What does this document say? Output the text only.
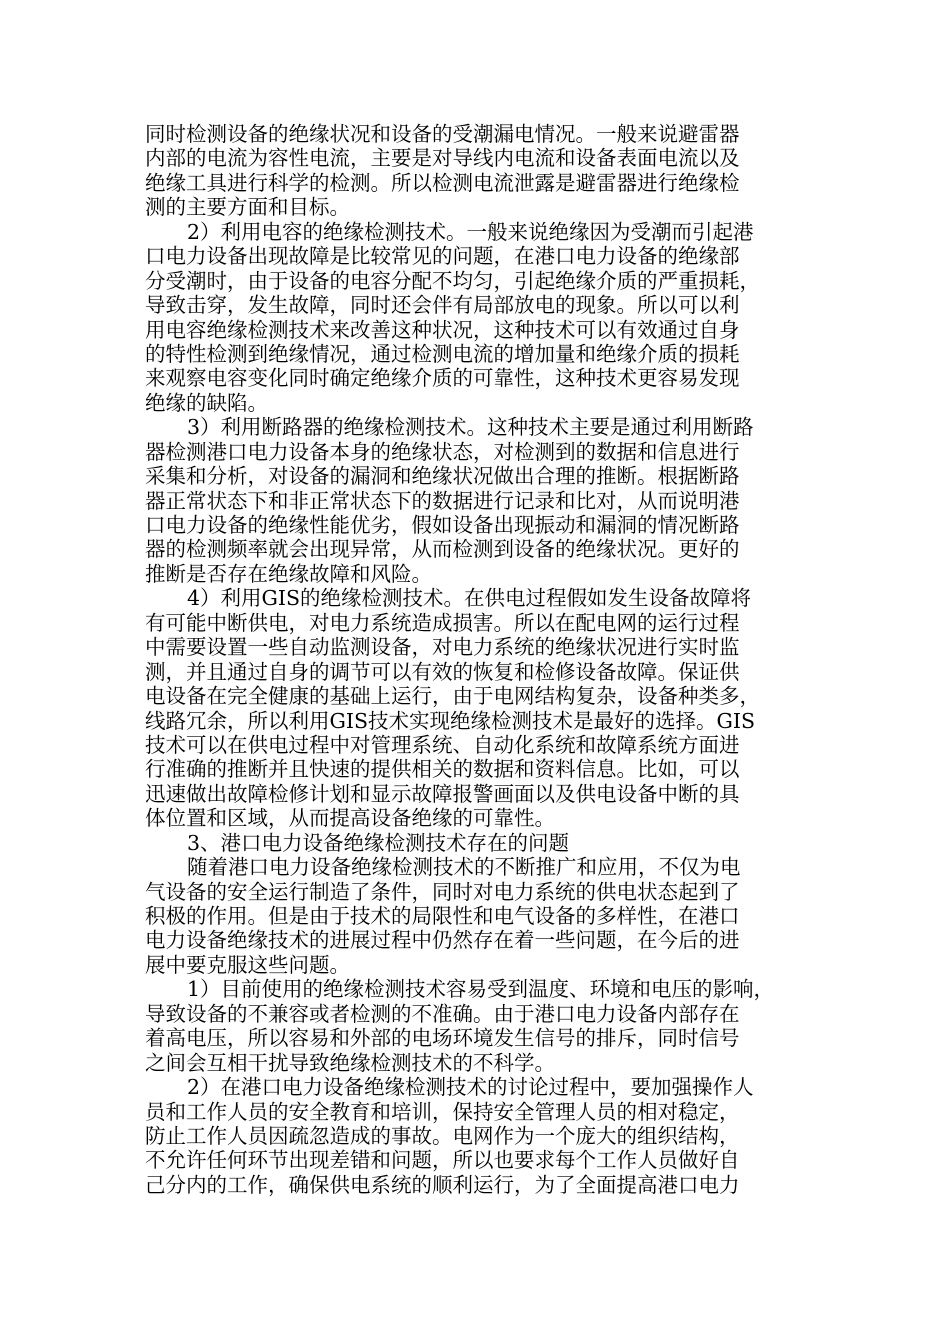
同时检测设备的绝缘状况和设备的受潮漏电情况。一般来说避雷器
内部的电流为容性电流，主要是对导线内电流和设备表面电流以及
绝缘工具进行科学的检测。所以检测电流泄露是避雷器进行绝缘检
测的主要方面和目标。
2）利用电容的绝缘检测技术。一般来说绝缘因为受潮而引起港
口电力设备出现故障是比较常见的问题，在港口电力设备的绝缘部
分受潮时，由于设备的电容分配不均匀，引起绝缘介质的严重损耗，
导致击穿，发生故障，同时还会伴有局部放电的现象。所以可以利
用电容绝缘检测技术来改善这种状况，这种技术可以有效通过自身
的特性检测到绝缘情况，通过检测电流的增加量和绝缘介质的损耗
来观察电容变化同时确定绝缘介质的可靠性，这种技术更容易发现
绝缘的缺陷。
3）利用断路器的绝缘检测技术。这种技术主要是通过利用断路
器检测港口电力设备本身的绝缘状态，对检测到的数据和信息进行
采集和分析，对设备的漏洞和绝缘状况做出合理的推断。根据断路
器正常状态下和非正常状态下的数据进行记录和比对，从而说明港
口电力设备的绝缘性能优劣，假如设备出现振动和漏洞的情况断路
器的检测频率就会出现异常，从而检测到设备的绝缘状况。更好的
推断是否存在绝缘故障和风险。
4）利用GIS的绝缘检测技术。在供电过程假如发生设备故障将
有可能中断供电，对电力系统造成损害。所以在配电网的运行过程
中需要设置一些自动监测设备，对电力系统的绝缘状况进行实时监
测，并且通过自身的调节可以有效的恢复和检修设备故障。保证供
电设备在完全健康的基础上运行，由于电网结构复杂，设备种类多，
线路冗余，所以利用GIS技术实现绝缘检测技术是最好的选择。GIS
技术可以在供电过程中对管理系统、自动化系统和故障系统方面进
行准确的推断并且快速的提供相关的数据和资料信息。比如，可以
迅速做出故障检修计划和显示故障报警画面以及供电设备中断的具
体位置和区域，从而提高设备绝缘的可靠性。
3、港口电力设备绝缘检测技术存在的问题
随着港口电力设备绝缘检测技术的不断推广和应用，不仅为电
气设备的安全运行制造了条件，同时对电力系统的供电状态起到了
积极的作用。但是由于技术的局限性和电气设备的多样性，在港口
电力设备绝缘技术的进展过程中仍然存在着一些问题，在今后的进
展中要克服这些问题。
1）目前使用的绝缘检测技术容易受到温度、环境和电压的影响，
导致设备的不兼容或者检测的不准确。由于港口电力设备内部存在
着高电压，所以容易和外部的电场环境发生信号的排斥，同时信号
之间会互相干扰导致绝缘检测技术的不科学。
2）在港口电力设备绝缘检测技术的讨论过程中，要加强操作人
员和工作人员的安全教育和培训，保持安全管理人员的相对稳定，
防止工作人员因疏忽造成的事故。电网作为一个庞大的组织结构，
不允许任何环节出现差错和问题，所以也要求每个工作人员做好自
己分内的工作，确保供电系统的顺利运行，为了全面提高港口电力
